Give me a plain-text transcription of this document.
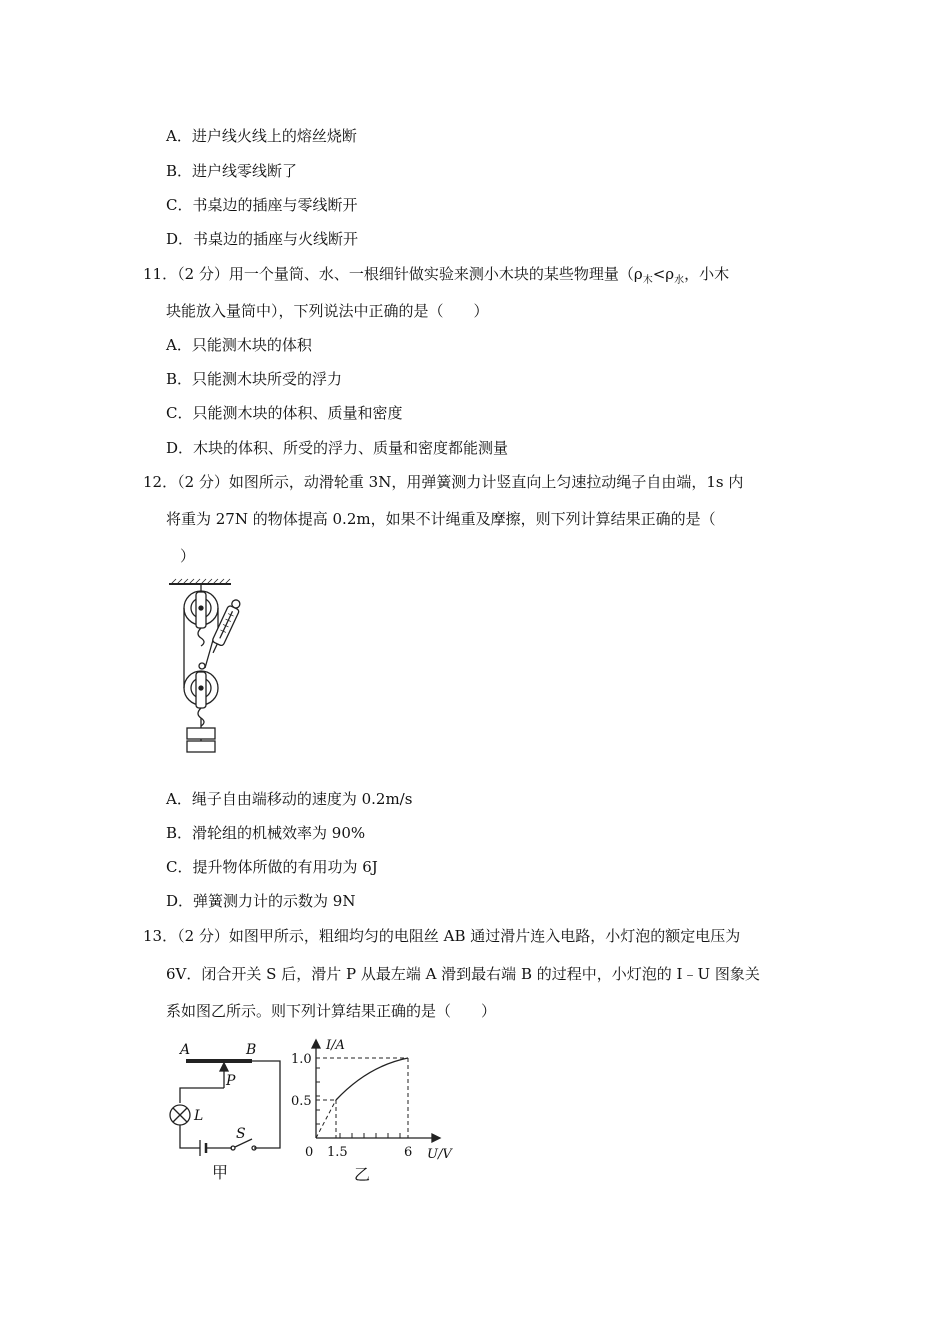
A．进户线火线上的熔丝烧断
B．进户线零线断了
C．书桌边的插座与零线断开
D．书桌边的插座与火线断开
11．（2 分）用一个量筒、水、一根细针做实验来测小木块的某些物理量（$\rho_木<\rho_水$，小木
块能放入量筒中），下列说法中正确的是（　　）
A．只能测木块的体积
B．只能测木块所受的浮力
C．只能测木块的体积、质量和密度
D．木块的体积、所受的浮力、质量和密度都能测量
12．（2 分）如图所示，动滑轮重 3N，用弹簧测力计竖直向上匀速拉动绳子自由端，1s 内
将重为 27N 的物体提高 0.2m，如果不计绳重及摩擦，则下列计算结果正确的是（
）
A．绳子自由端移动的速度为 0.2m/s
B．滑轮组的机械效率为 90%
C．提升物体所做的有用功为 6J
D．弹簧测力计的示数为 9N
13．（2 分）如图甲所示，粗细均匀的电阻丝 AB 通过滑片连入电路，小灯泡的额定电压为
6V．闭合开关 S 后，滑片 P 从最左端 A 滑到最右端 B 的过程中，小灯泡的 I﹣U 图象关
系如图乙所示。则下列计算结果正确的是（　　）
A	B
P
L
S
甲
I/A
1.0
0.5
0 1.5	6 U/V
乙
